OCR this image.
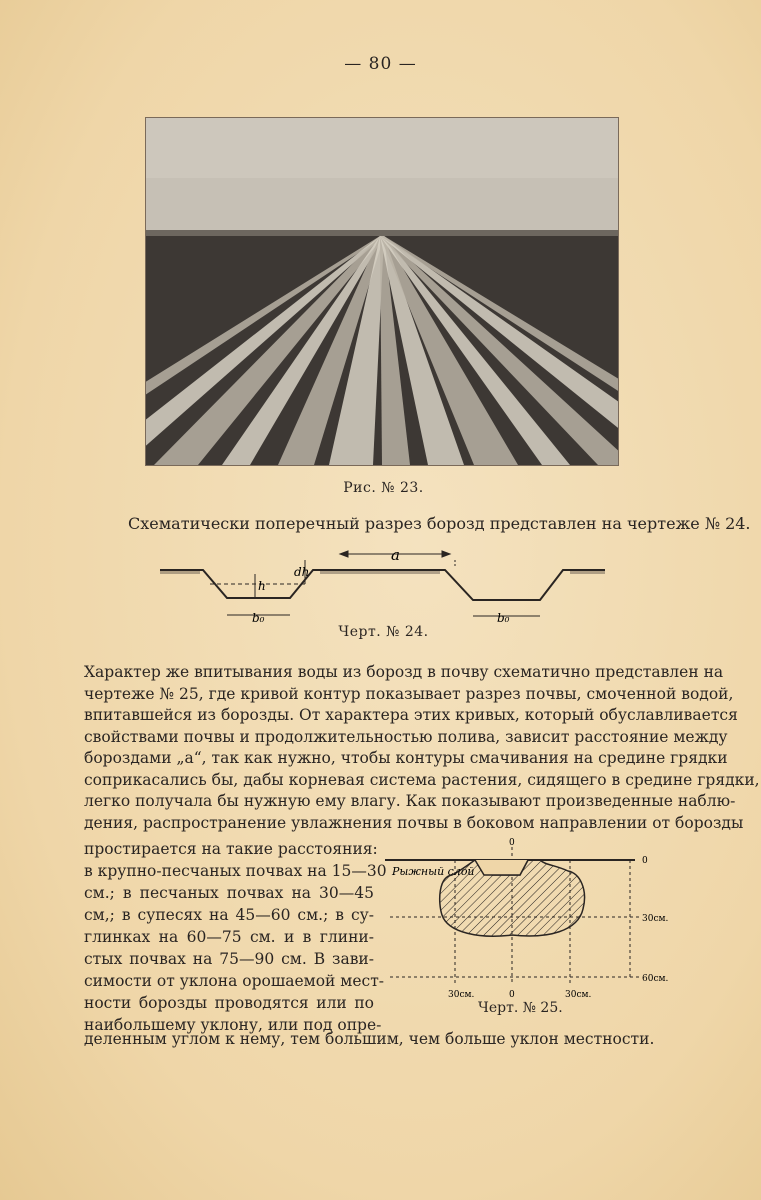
— 80 —
Рис. № 23.
Схематически поперечный разрез борозд представлен на чертеже № 24.
a
dh
h
b₀	b₀
Черт. № 24.
Характер же впитывания воды из борозд в почву схематично представлен на
чертеже № 25, где кривой контур показывает разрез почвы, смоченной водой,
впитавшейся из борозды. От характера этих кривых, который обуславливается
свойствами почвы и продолжительностью полива, зависит расстояние между
бороздами „a“, так как нужно, чтобы контуры смачивания на средине грядки
соприкасались бы, дабы корневая система растения, сидящего в средине грядки,
легко получала бы нужную ему влагу. Как показывают произведенные наблю-
дения, распространение увлажнения почвы в боковом направлении от борозды
простирается на такие расстояния:
в крупно-песчаных почвах на 15—30
см.; в песчаных почвах на 30—45
см,; в супесях на 45—60 см.; в су-
глинках на 60—75 см. и в глини-
стых почвах на 75—90 см. В зави-
симости от уклона орошаемой мест-
ности борозды проводятся или по
наибольшему уклону, или под опре-
Рыжный слой
0
0
30см.
60см.
30см.	0	30см.
Черт. № 25.
деленным углом к нему, тем большим, чем больше уклон местности.
